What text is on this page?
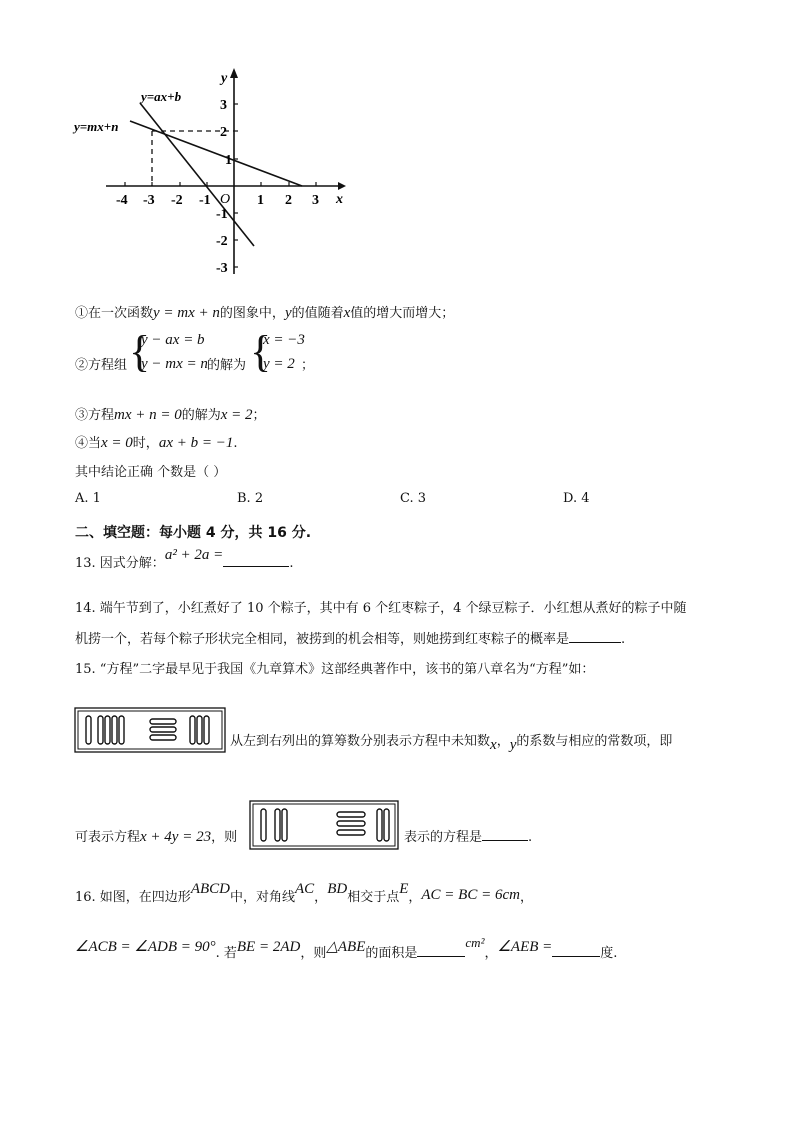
y=ax+b
y=mx+n
x
y
O
-4 -3 -2 -1	1 2 3
3
2
1
-1
-2
-3
①在一次函数y = mx + n的图象中，y的值随着x值的增大而增大；
②方程组 {
y − ax = b
y − mx = n 的解为 {
x = −3
y = 2 ；
③方程mx + n = 0的解为x = 2；
④当x = 0时，ax + b = −1.
其中结论正确 个数是（ ）
A. 1	B. 2	C. 3	D. 4
二、填空题：每小题 4 分，共 16 分.
13. 因式分解：a² + 2a =.
14. 端午节到了，小红煮好了 10 个粽子，其中有 6 个红枣粽子，4 个绿豆粽子．小红想从煮好的粽子中随
机捞一个，若每个粽子形状完全相同，被捞到的机会相等，则她捞到红枣粽子的概率是	.
15. “方程”二字最早见于我国《九章算术》这部经典著作中，该书的第八章名为“方程”如：
从左到右列出的算筹数分别表示方程中未知数x，y的系数与相应的常数项，即
可表示方程x + 4y = 23，则	表示的方程是	.
16. 如图，在四边形ABCD中，对角线AC，BD相交于点E，AC = BC = 6cm，
∠ACB = ∠ADB = 90°. 若BE = 2AD，则△ABE的面积是cm²，∠AEB =	度.
